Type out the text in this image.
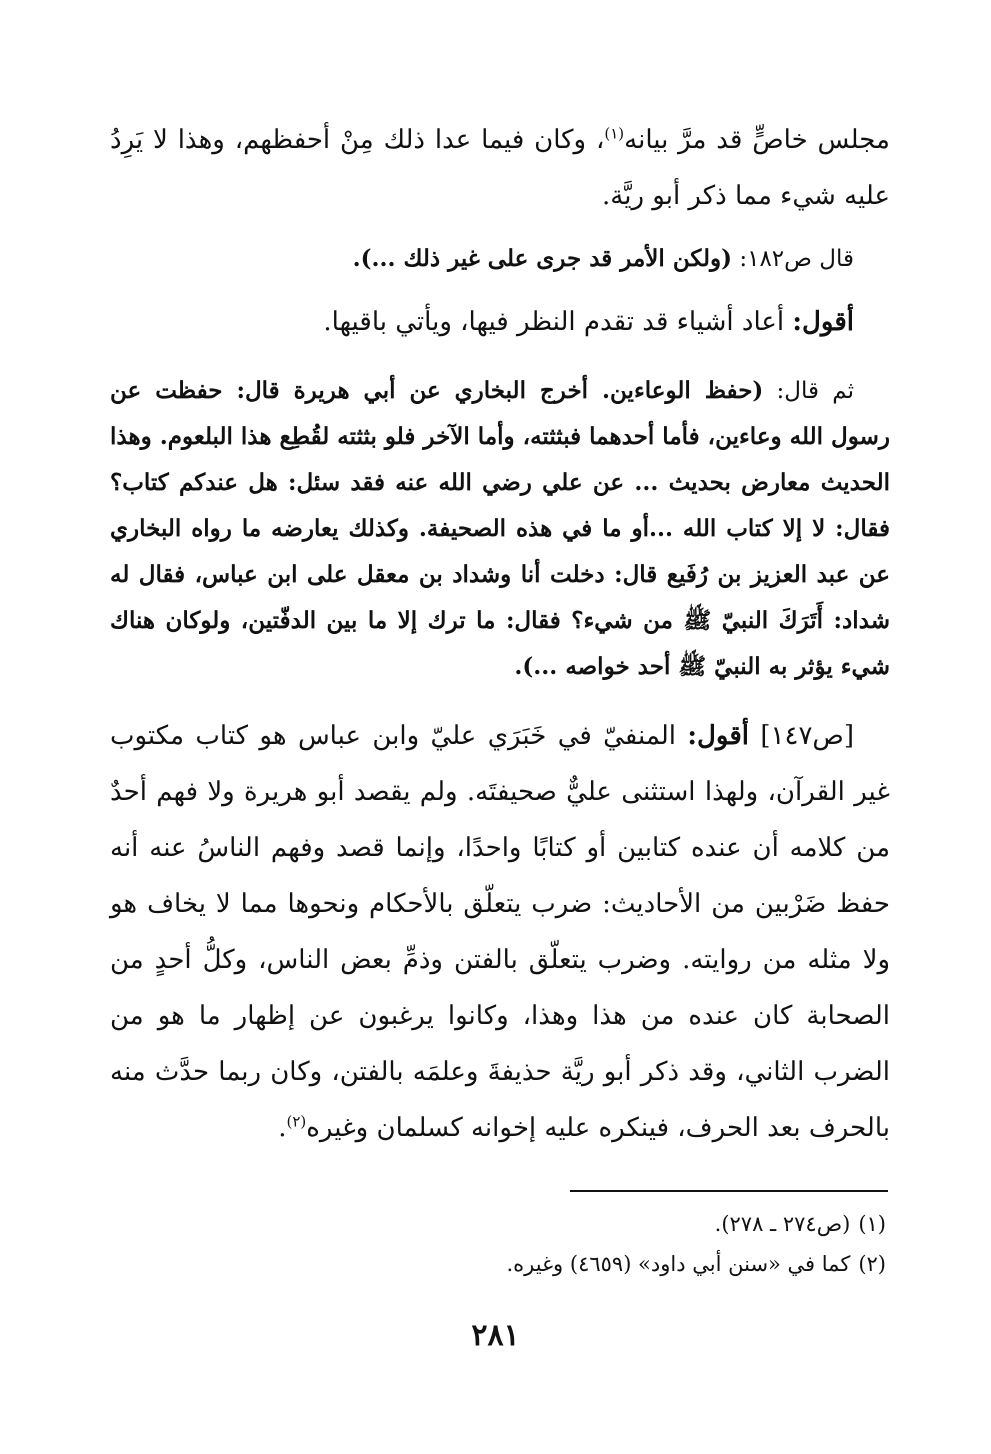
مجلس خاصٍّ قد مرَّ بيانه$^{(١)}$، وكان فيما عدا ذلك مِنْ أحفظهم، وهذا لا يَرِدُ عليه شيء مما ذكر أبو ريَّة.

قال ص١٨٢: (ولكن الأمر قد جرى على غير ذلك ...).

أقول: أعاد أشياء قد تقدم النظر فيها، ويأتي باقيها.

ثم قال: (حفظ الوعاءين. أخرج البخاري عن أبي هريرة قال: حفظت عن رسول الله وعاءين، فأما أحدهما فبثثته، وأما الآخر فلو بثثته لقُطِع هذا البلعوم. وهذا الحديث معارض بحديث ... عن علي رضي الله عنه فقد سئل: هل عندكم كتاب؟ فقال: لا إلا كتاب الله ...أو ما في هذه الصحيفة. وكذلك يعارضه ما رواه البخاري عن عبد العزيز بن رُفَيع قال: دخلت أنا وشداد بن معقل على ابن عباس، فقال له شداد: أَتَرَكَ النبيّ ﷺ من شيء؟ فقال: ما ترك إلا ما بين الدفّتين، ولوكان هناك شيء يؤثر به النبيّ ﷺ أحد خواصه ...).

[ص١٤٧] أقول: المنفيّ في خَبَرَي عليّ وابن عباس هو كتاب مكتوب غير القرآن، ولهذا استثنى عليٌّ صحيفتَه. ولم يقصد أبو هريرة ولا فهم أحدٌ من كلامه أن عنده كتابين أو كتابًا واحدًا، وإنما قصد وفهم الناسُ عنه أنه حفظ ضَرْبين من الأحاديث: ضرب يتعلّق بالأحكام ونحوها مما لا يخاف هو ولا مثله من روايته. وضرب يتعلّق بالفتن وذمِّ بعض الناس، وكلُّ أحدٍ من الصحابة كان عنده من هذا وهذا، وكانوا يرغبون عن إظهار ما هو من الضرب الثاني، وقد ذكر أبو ريَّة حذيفةَ وعلمَه بالفتن، وكان ربما حدَّث منه بالحرف بعد الحرف، فينكره عليه إخوانه كسلمان وغيره$^{(٢)}$.

(١)(ص٢٧٤ ـ ٢٧٨).

(٢)كما في «سنن أبي داود» (٤٦٥٩) وغيره.

٢٨١
